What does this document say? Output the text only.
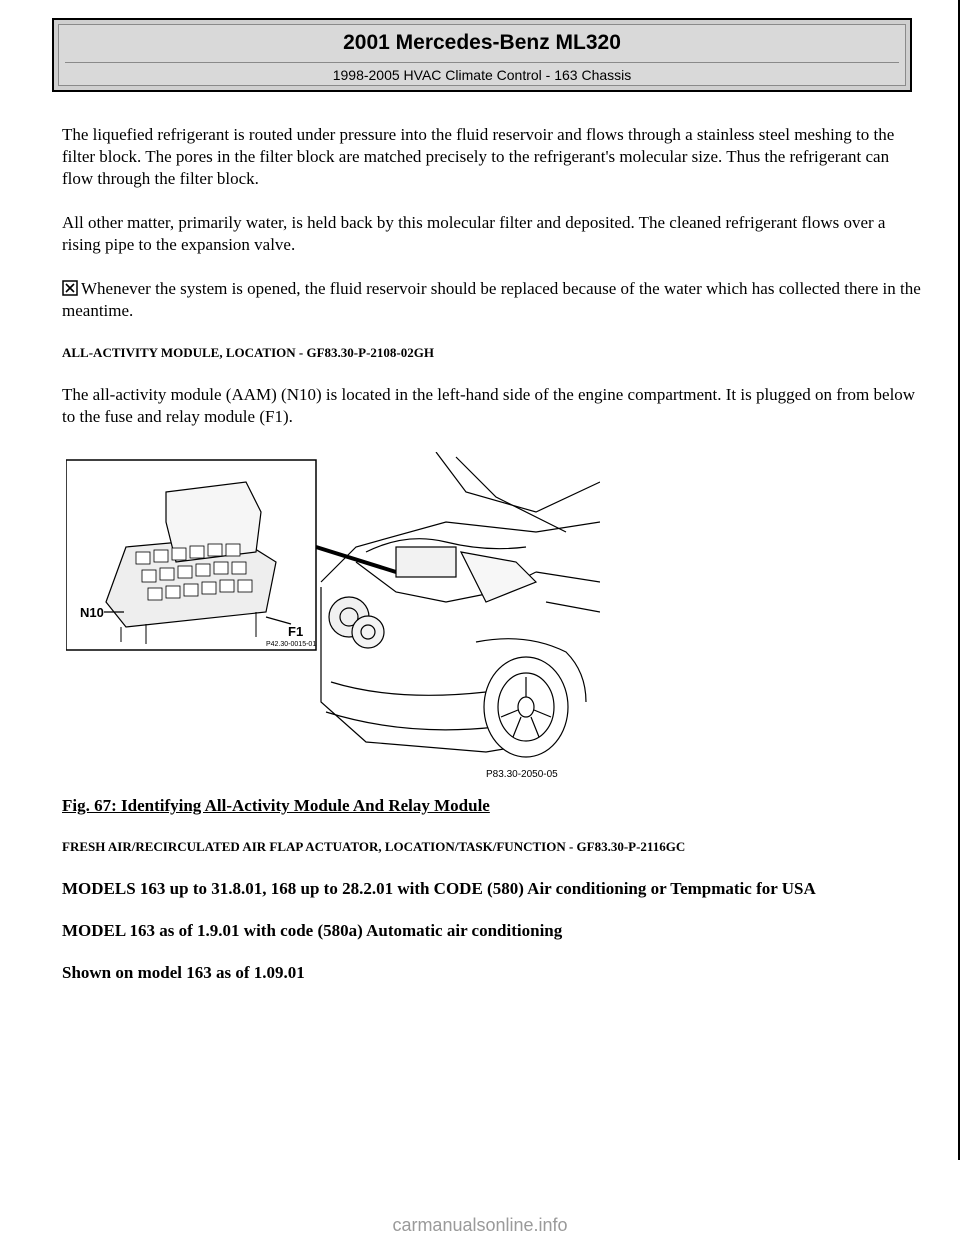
2001 Mercedes-Benz ML320
1998-2005 HVAC Climate Control - 163 Chassis

The liquefied refrigerant is routed under pressure into the fluid reservoir and flows through a stainless steel meshing to the filter block. The pores in the filter block are matched precisely to the refrigerant's molecular size. Thus the refrigerant can flow through the filter block.

All other matter, primarily water, is held back by this molecular filter and deposited. The cleaned refrigerant flows over a rising pipe to the expansion valve.

Whenever the system is opened, the fluid reservoir should be replaced because of the water which has collected there in the meantime.

ALL-ACTIVITY MODULE, LOCATION - GF83.30-P-2108-02GH

The all-activity module (AAM) (N10) is located in the left-hand side of the engine compartment. It is plugged on from below to the fuse and relay module (F1).

N10
F1
P42.30-0015-01
P83.30-2050-05
Fig. 67: Identifying All-Activity Module And Relay Module

FRESH AIR/RECIRCULATED AIR FLAP ACTUATOR, LOCATION/TASK/FUNCTION - GF83.30-P-2116GC

MODELS 163 up to 31.8.01, 168 up to 28.2.01 with CODE (580) Air conditioning or Tempmatic for USA

MODEL 163 as of 1.9.01 with code (580a) Automatic air conditioning

Shown on model 163 as of 1.09.01

carmanualsonline.info
